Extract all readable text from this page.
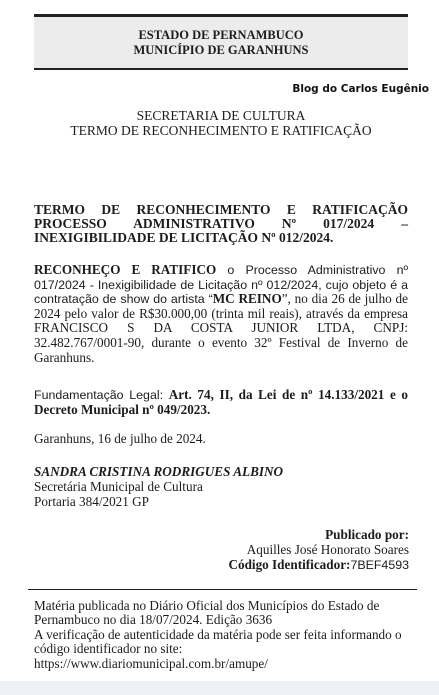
ESTADO DE PERNAMBUCO
MUNICÍPIO DE GARANHUNS
Blog do Carlos Eugênio
SECRETARIA DE CULTURA
TERMO DE RECONHECIMENTO E RATIFICAÇÃO
TERMO DE RECONHECIMENTO E RATIFICAÇÃO
PROCESSO ADMINISTRATIVO Nº 017/2024 –
INEXIGIBILIDADE DE LICITAÇÃO Nº 012/2024.
RECONHEÇO E RATIFICO o Processo Administrativo nº 017/2024 - Inexigibilidade de Licitação nº 012/2024, cujo objeto é a contratação de show do artista “MC REINO”, no dia 26 de julho de 2024 pelo valor de R$30.000,00 (trinta mil reais), através da empresa FRANCISCO S DA COSTA JUNIOR LTDA, CNPJ: 32.482.767/0001-90, durante o evento 32º Festival de Inverno de Garanhuns.
Fundamentação Legal: Art. 74, II, da Lei de nº 14.133/2021 e o Decreto Municipal nº 049/2023.
Garanhuns, 16 de julho de 2024.
SANDRA CRISTINA RODRIGUES ALBINO
Secretária Municipal de Cultura
Portaria 384/2021 GP
Publicado por:
Aquilles José Honorato Soares
Código Identificador:7BEF4593
Matéria publicada no Diário Oficial dos Municípios do Estado de Pernambuco no dia 18/07/2024. Edição 3636
A verificação de autenticidade da matéria pode ser feita informando o código identificador no site:
https://www.diariomunicipal.com.br/amupe/
